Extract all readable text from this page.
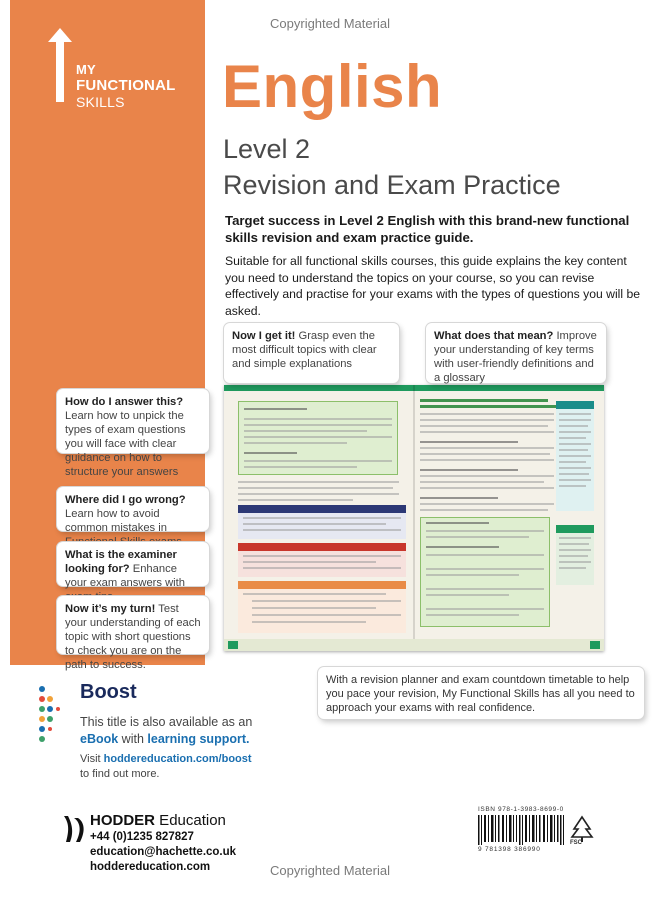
Copyrighted Material
MY
FUNCTIONAL
SKILLS	English
Level 2
Revision and Exam Practice
Target success in Level 2 English with this brand-new functional skills revision and exam practice guide.
Suitable for all functional skills courses, this guide explains the key content you need to understand the topics on your course, so you can revise effectively and practise for your exams with the types of questions you will be asked.
Now I get it! Grasp even the most difficult topics with clear and simple explanations
What does that mean? Improve your understanding of key terms with user-friendly definitions and a glossary
How do I answer this? Learn how to unpick the types of exam questions you will face with clear guidance on how to structure your answers
Where did I go wrong? Learn how to avoid common mistakes in
What is the examiner looking for? Enhance your exam answers with
Now it’s my turn! Test your understanding of each topic with short questions to check you are on the path to success.
With a revision planner and exam countdown timetable to help you pace your revision, My Functional Skills has all you need to approach your exams with real confidence.
Boost
This title is also available as an
eBook with learning support.
Visit hoddereducation.com/boost
to find out more.
HODDER Education
+44 (0)1235 827827
education@hachette.co.uk
hoddereducation.com
ISBN 978-1-3983-8699-0
9 781398 386990
FSC
Copyrighted Material
